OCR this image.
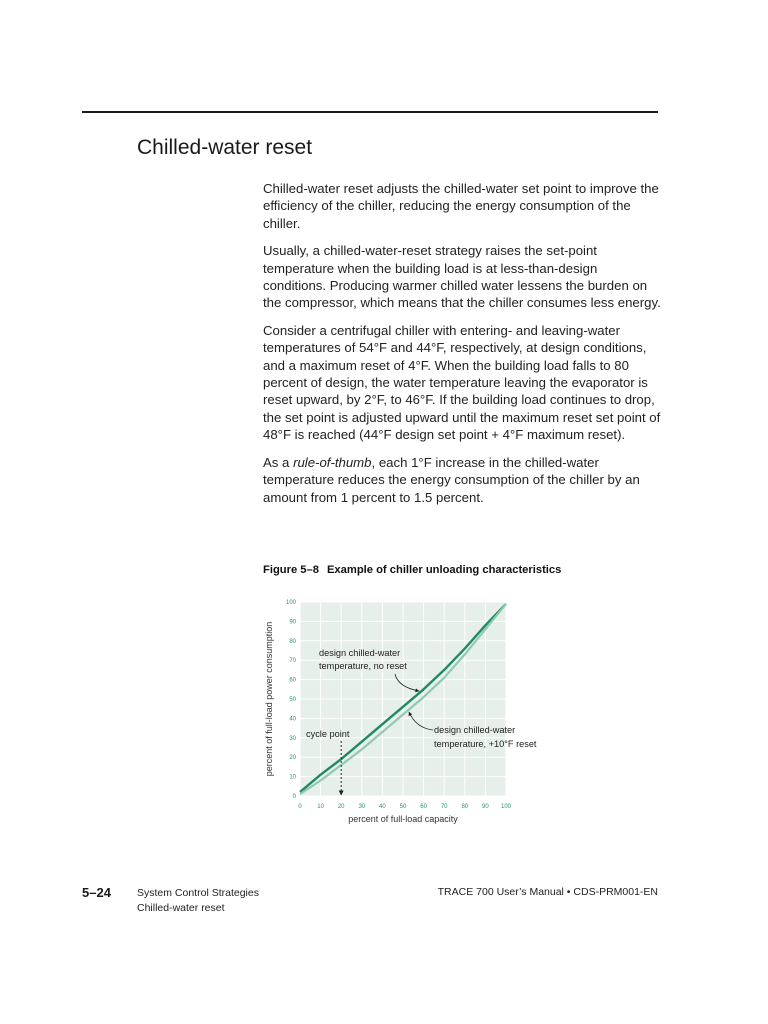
Chilled-water reset

Chilled-water reset adjusts the chilled-water set point to improve the efficiency of the chiller, reducing the energy consumption of the chiller.

Usually, a chilled-water-reset strategy raises the set-point temperature when the building load is at less-than-design conditions. Producing warmer chilled water lessens the burden on the compressor, which means that the chiller consumes less energy.

Consider a centrifugal chiller with entering- and leaving-water temperatures of 54°F and 44°F, respectively, at design conditions, and a maximum reset of 4°F. When the building load falls to 80 percent of design, the water temperature leaving the evaporator is reset upward, by 2°F, to 46°F. If the building load continues to drop, the set point is adjusted upward until the maximum reset set point of 48°F is reached (44°F design set point + 4°F maximum reset).

As a rule-of-thumb, each 1°F increase in the chilled-water temperature reduces the energy consumption of the chiller by an amount from 1 percent to 1.5 percent.

Figure 5–8 Example of chiller unloading characteristics
0	10 20 30 40 50 60 70 80 90 100
0
10
20
30
40
50
60
70
80
90
100
percent of full-load capacity
percent of full-load power consumption	design chilled-water
temperature, no reset
design chilled-water
temperature, +10°F reset
cycle point
5–24 System Control Strategies
Chilled-water reset
TRACE 700 User’s Manual • CDS-PRM001-EN
